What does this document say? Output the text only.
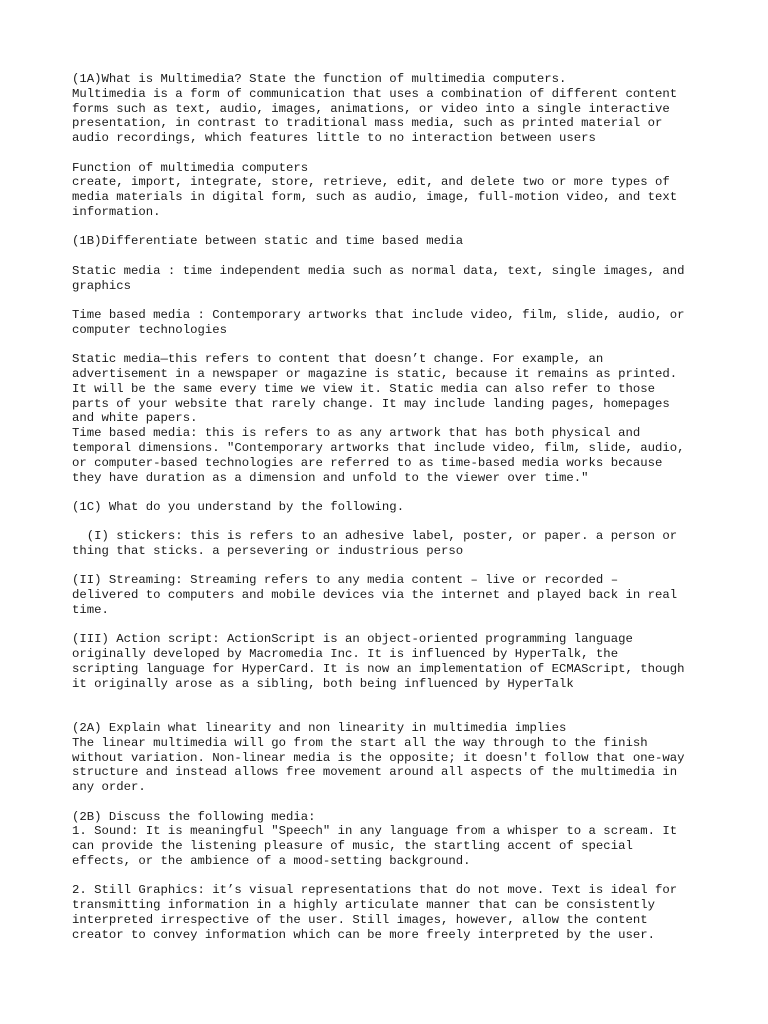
(1A)What is Multimedia? State the function of multimedia computers.
Multimedia is a form of communication that uses a combination of different content
forms such as text, audio, images, animations, or video into a single interactive
presentation, in contrast to traditional mass media, such as printed material or
audio recordings, which features little to no interaction between users
Function of multimedia computers
create, import, integrate, store, retrieve, edit, and delete two or more types of
media materials in digital form, such as audio, image, full-motion video, and text
information.
(1B)Differentiate between static and time based media
Static media : time independent media such as normal data, text, single images, and
graphics
Time based media : Contemporary artworks that include video, film, slide, audio, or
computer technologies
Static media—this refers to content that doesn’t change. For example, an
advertisement in a newspaper or magazine is static, because it remains as printed.
It will be the same every time we view it. Static media can also refer to those
parts of your website that rarely change. It may include landing pages, homepages
and white papers.
Time based media: this is refers to as any artwork that has both physical and
temporal dimensions. "Contemporary artworks that include video, film, slide, audio,
or computer-based technologies are referred to as time-based media works because
they have duration as a dimension and unfold to the viewer over time."
(1C) What do you understand by the following.
(I) stickers: this is refers to an adhesive label, poster, or paper. a person or
thing that sticks. a persevering or industrious perso
(II) Streaming: Streaming refers to any media content – live or recorded –
delivered to computers and mobile devices via the internet and played back in real
time.
(III) Action script: ActionScript is an object-oriented programming language
originally developed by Macromedia Inc. It is influenced by HyperTalk, the
scripting language for HyperCard. It is now an implementation of ECMAScript, though
it originally arose as a sibling, both being influenced by HyperTalk
(2A) Explain what linearity and non linearity in multimedia implies
The linear multimedia will go from the start all the way through to the finish
without variation. Non-linear media is the opposite; it doesn't follow that one-way
structure and instead allows free movement around all aspects of the multimedia in
any order.
(2B) Discuss the following media:
1. Sound: It is meaningful "Speech" in any language from a whisper to a scream. It
can provide the listening pleasure of music, the startling accent of special
effects, or the ambience of a mood-setting background.
2. Still Graphics: it’s visual representations that do not move. Text is ideal for
transmitting information in a highly articulate manner that can be consistently
interpreted irrespective of the user. Still images, however, allow the content
creator to convey information which can be more freely interpreted by the user.
